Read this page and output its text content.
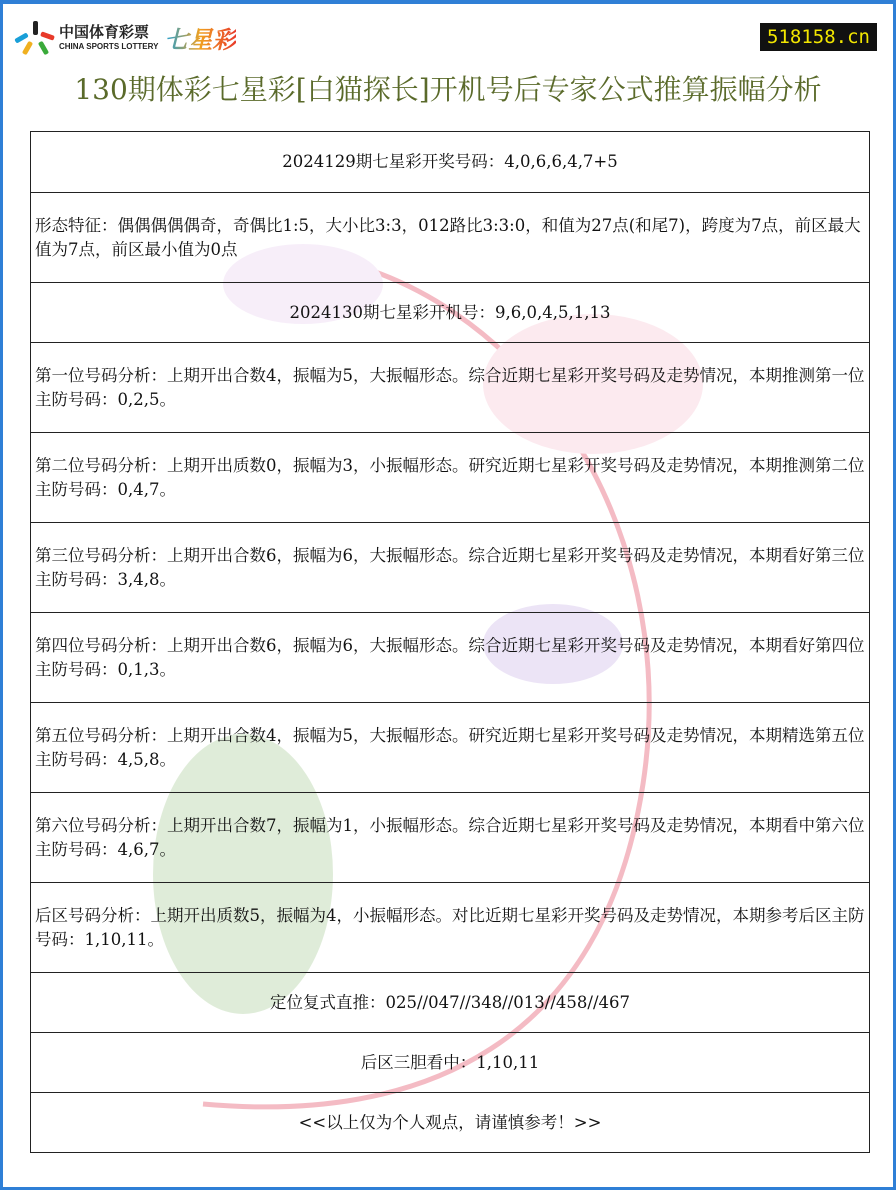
中国体育彩票
CHINA SPORTS LOTTERY 七星彩	518158.cn
130期体彩七星彩[白猫探长]开机号后专家公式推算振幅分析
2024129期七星彩开奖号码：4,0,6,6,4,7+5
形态特征：偶偶偶偶偶奇，奇偶比1:5，大小比3:3，012路比3:3:0，和值为27点(和尾7)，跨度为7点，前区最大值为7点，前区最小值为0点
2024130期七星彩开机号：9,6,0,4,5,1,13
第一位号码分析：上期开出合数4，振幅为5，大振幅形态。综合近期七星彩开奖号码及走势情况，本期推测第一位主防号码：0,2,5。
第二位号码分析：上期开出质数0，振幅为3，小振幅形态。研究近期七星彩开奖号码及走势情况，本期推测第二位主防号码：0,4,7。
第三位号码分析：上期开出合数6，振幅为6，大振幅形态。综合近期七星彩开奖号码及走势情况，本期看好第三位主防号码：3,4,8。
第四位号码分析：上期开出合数6，振幅为6，大振幅形态。综合近期七星彩开奖号码及走势情况，本期看好第四位主防号码：0,1,3。
第五位号码分析：上期开出合数4，振幅为5，大振幅形态。研究近期七星彩开奖号码及走势情况，本期精选第五位主防号码：4,5,8。
第六位号码分析：上期开出合数7，振幅为1，小振幅形态。综合近期七星彩开奖号码及走势情况，本期看中第六位主防号码：4,6,7。
后区号码分析：上期开出质数5，振幅为4，小振幅形态。对比近期七星彩开奖号码及走势情况，本期参考后区主防号码：1,10,11。
定位复式直推：025//047//348//013//458//467
后区三胆看中：1,10,11
<<以上仅为个人观点，请谨慎参考！>>
